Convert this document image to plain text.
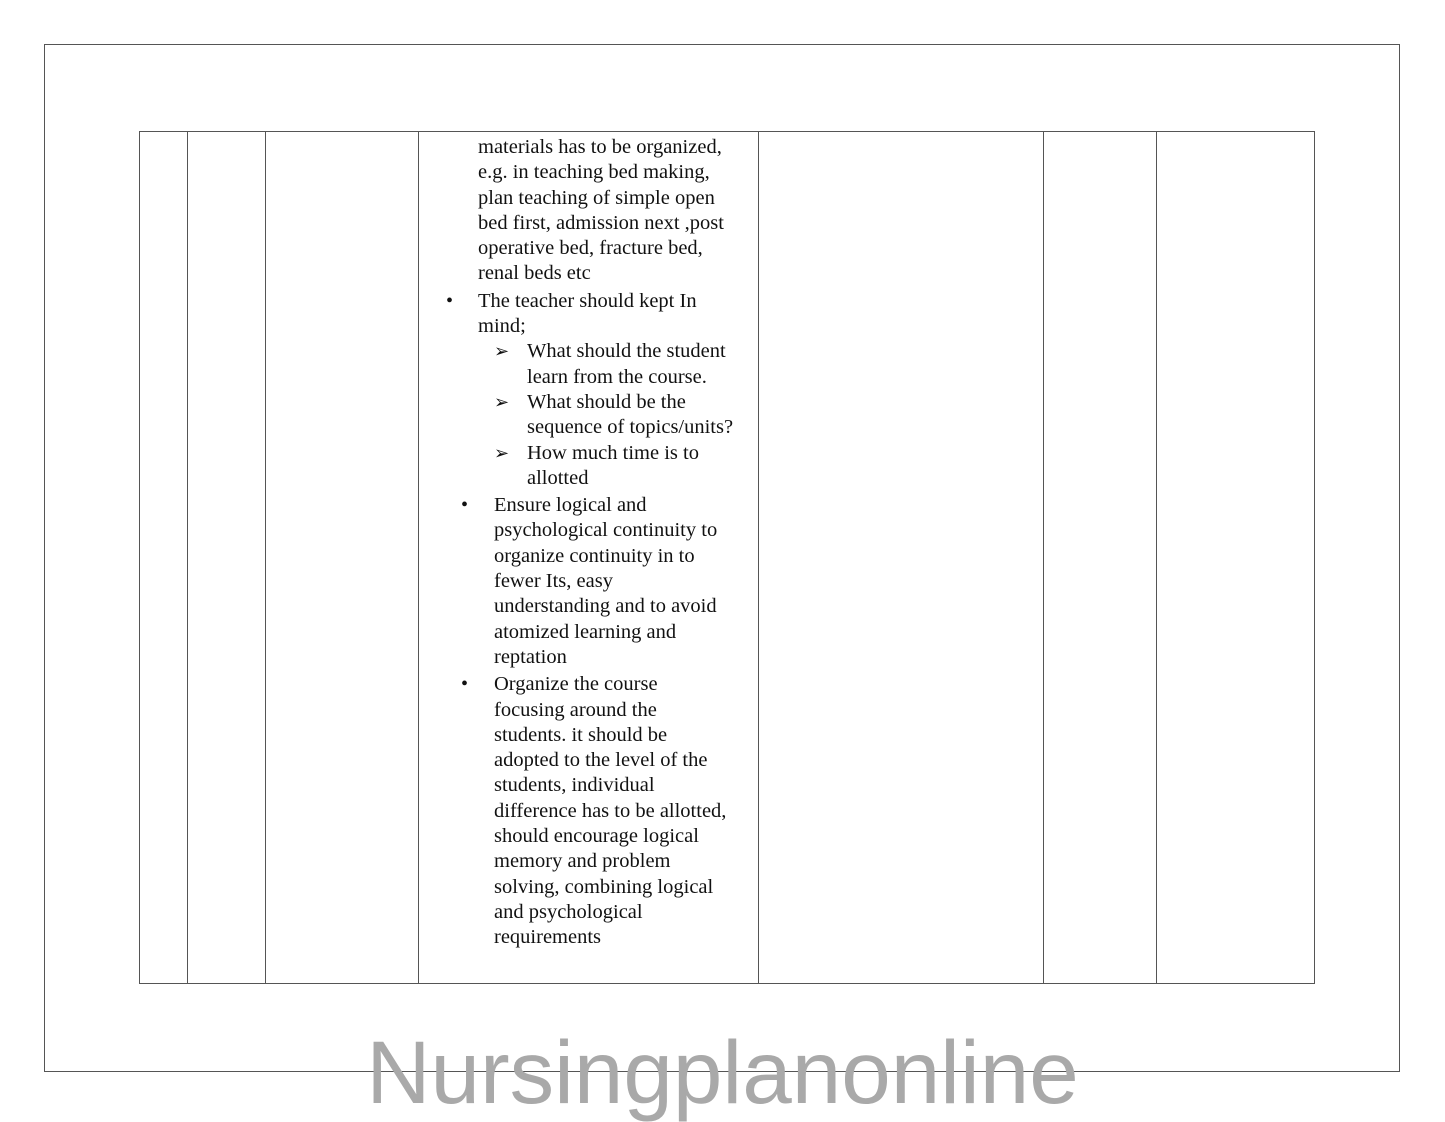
materials has to be organized,
e.g. in teaching bed making,
plan teaching of simple open
bed first, admission next ,post
operative bed, fracture bed,
renal beds etc
• The teacher should kept In
mind;
➢ What should the student
learn from the course.
➢ What should be the
sequence of topics/units?
➢ How much time is to
allotted
• Ensure logical and
psychological continuity to
organize continuity in to
fewer Its, easy
understanding and to avoid
atomized learning and
reptation
• Organize the course
focusing around the
students. it should be
adopted to the level of the
students, individual
difference has to be allotted,
should encourage logical
memory and problem
solving, combining logical
and psychological
requirements

Nursingplanonline
